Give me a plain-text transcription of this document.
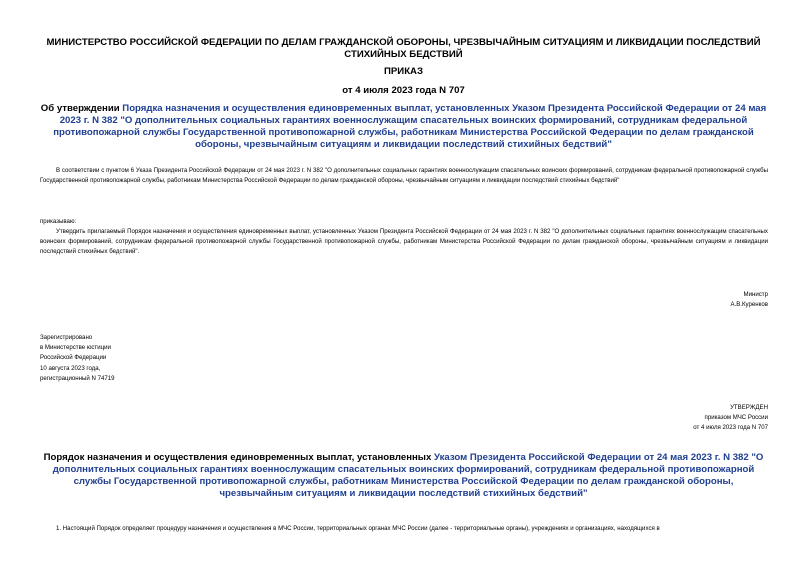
МИНИСТЕРСТВО РОССИЙСКОЙ ФЕДЕРАЦИИ ПО ДЕЛАМ ГРАЖДАНСКОЙ ОБОРОНЫ, ЧРЕЗВЫЧАЙНЫМ СИТУАЦИЯМ И ЛИКВИДАЦИИ ПОСЛЕДСТВИЙ СТИХИЙНЫХ БЕДСТВИЙ
ПРИКАЗ
от 4 июля 2023 года N 707
Об утверждении Порядка назначения и осуществления единовременных выплат, установленных Указом Президента Российской Федерации от 24 мая 2023 г. N 382 "О дополнительных социальных гарантиях военнослужащим спасательных воинских формирований, сотрудникам федеральной противопожарной службы Государственной противопожарной службы, работникам Министерства Российской Федерации по делам гражданской обороны, чрезвычайным ситуациям и ликвидации последствий стихийных бедствий"
В соответствии с пунктом 6 Указа Президента Российской Федерации от 24 мая 2023 г. N 382 "О дополнительных социальных гарантиях военнослужащим спасательных воинских формирований, сотрудникам федеральной противопожарной службы Государственной противопожарной службы, работникам Министерства Российской Федерации по делам гражданской обороны, чрезвычайным ситуациям и ликвидации последствий стихийных бедствий"
приказываю:
Утвердить прилагаемый Порядок назначения и осуществления единовременных выплат, установленных Указом Президента Российской Федерации от 24 мая 2023 г. N 382 "О дополнительных социальных гарантиях военнослужащим спасательных воинских формирований, сотрудникам федеральной противопожарной службы Государственной противопожарной службы, работникам Министерства Российской Федерации по делам гражданской обороны, чрезвычайным ситуациям и ликвидации последствий стихийных бедствий".
Министр
А.В.Куренков
Зарегистрировано
в Министерстве юстиции
Российской Федерации
10 августа 2023 года,
регистрационный N 74719
УТВЕРЖДЕН
приказом МЧС России
от 4 июля 2023 года N 707
Порядок назначения и осуществления единовременных выплат, установленных Указом Президента Российской Федерации от 24 мая 2023 г. N 382 "О дополнительных социальных гарантиях военнослужащим спасательных воинских формирований, сотрудникам федеральной противопожарной службы Государственной противопожарной службы, работникам Министерства Российской Федерации по делам гражданской обороны, чрезвычайным ситуациям и ликвидации последствий стихийных бедствий"
1. Настоящий Порядок определяет процедуру назначения и осуществления в МЧС России, территориальных органах МЧС России (далее - территориальные органы), учреждениях и организациях, находящихся в
